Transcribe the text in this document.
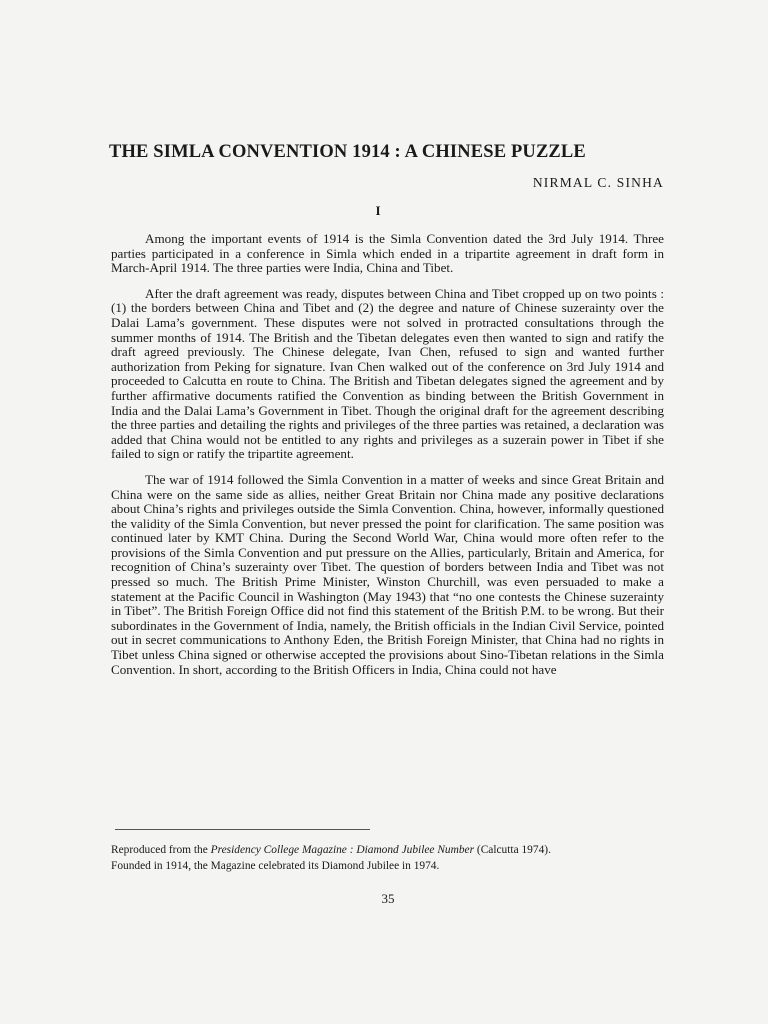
THE SIMLA CONVENTION 1914 : A CHINESE PUZZLE
NIRMAL C. SINHA
I

Among the important events of 1914 is the Simla Convention dated the 3rd July 1914. Three parties participated in a conference in Simla which ended in a tripartite agreement in draft form in March-April 1914. The three parties were India, China and Tibet.

After the draft agreement was ready, disputes between China and Tibet cropped up on two points : (1) the borders between China and Tibet and (2) the degree and nature of Chinese suzerainty over the Dalai Lama’s government. These disputes were not solved in protracted consultations through the summer months of 1914. The British and the Tibetan delegates even then wanted to sign and ratify the draft agreed previously. The Chinese delegate, Ivan Chen, refused to sign and wanted further authorization from Peking for signature. Ivan Chen walked out of the conference on 3rd July 1914 and proceeded to Calcutta en route to China. The British and Tibetan delegates signed the agreement and by further affirmative documents ratified the Convention as binding between the British Government in India and the Dalai Lama’s Government in Tibet. Though the original draft for the agreement describing the three parties and detailing the rights and privileges of the three parties was retained, a declaration was added that China would not be entitled to any rights and privileges as a suzerain power in Tibet if she failed to sign or ratify the tripartite agreement.

The war of 1914 followed the Simla Convention in a matter of weeks and since Great Britain and China were on the same side as allies, neither Great Britain nor China made any positive declarations about China’s rights and privileges outside the Simla Convention. China, however, informally questioned the validity of the Simla Convention, but never pressed the point for clarification. The same position was continued later by KMT China. During the Second World War, China would more often refer to the provisions of the Simla Convention and put pressure on the Allies, particularly, Britain and America, for recognition of China’s suzerainty over Tibet. The question of borders between India and Tibet was not pressed so much. The British Prime Minister, Winston Churchill, was even persuaded to make a statement at the Pacific Council in Washington (May 1943) that “no one contests the Chinese suzerainty in Tibet”. The British Foreign Office did not find this statement of the British P.M. to be wrong. But their subordinates in the Government of India, namely, the British officials in the Indian Civil Service, pointed out in secret communications to Anthony Eden, the British Foreign Minister, that China had no rights in Tibet unless China signed or otherwise accepted the provisions about Sino-Tibetan relations in the Simla Convention. In short, according to the British Officers in India, China could not have

Reproduced from the Presidency College Magazine : Diamond Jubilee Number (Calcutta 1974).
Founded in 1914, the Magazine celebrated its Diamond Jubilee in 1974.
35
